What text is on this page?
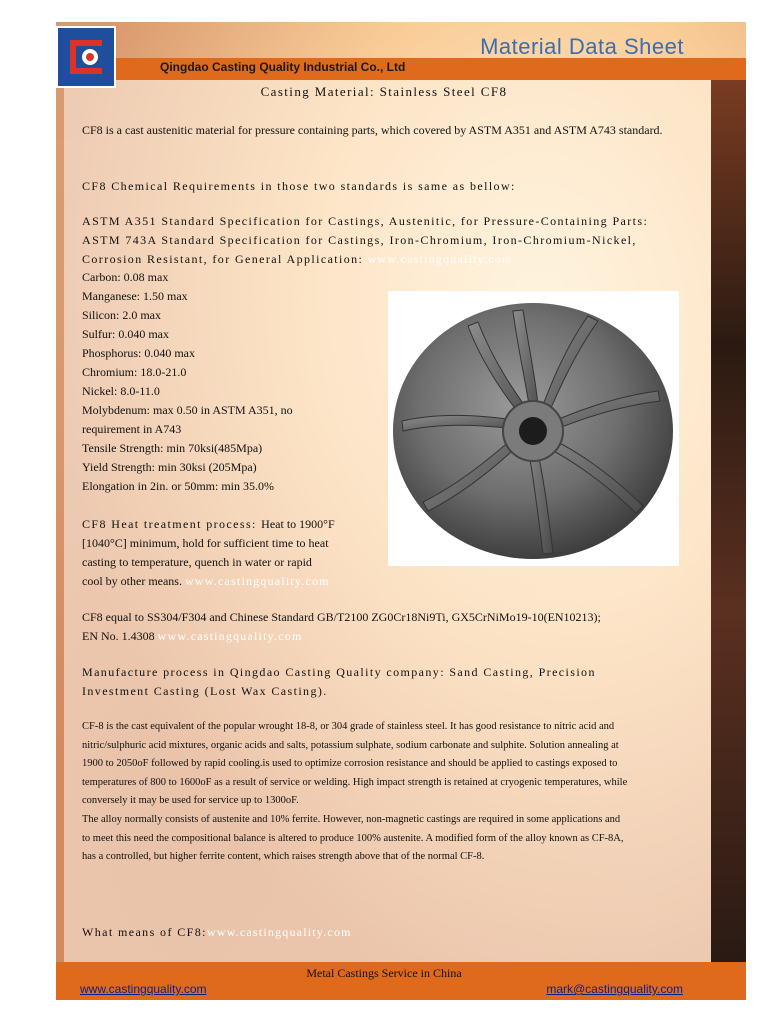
Material Data Sheet
Qingdao Casting Quality Industrial Co., Ltd
Casting Material: Stainless Steel CF8
CF8 is a cast austenitic material for pressure containing parts, which covered by ASTM A351 and ASTM A743 standard.
CF8 Chemical Requirements in those two standards is same as bellow:
ASTM A351 Standard Specification for Castings, Austenitic, for Pressure-Containing Parts:
ASTM 743A Standard Specification for Castings, Iron-Chromium, Iron-Chromium-Nickel,
Corrosion Resistant, for General Application: www.castingquality.com
Carbon: 0.08 max
Manganese: 1.50 max
Silicon: 2.0 max
Sulfur: 0.040 max
Phosphorus: 0.040 max
Chromium: 18.0-21.0
Nickel: 8.0-11.0
Molybdenum: max 0.50 in ASTM A351, no
requirement in A743
Tensile Strength: min 70ksi(485Mpa)
Yield Strength: min 30ksi (205Mpa)
Elongation in 2in. or 50mm: min 35.0%
CF8 Heat treatment process: Heat to 1900°F
[1040°C] minimum, hold for sufficient time to heat
casting to temperature, quench in water or rapid
cool by other means. www.castingquality.com
CF8 equal to SS304/F304 and Chinese Standard GB/T2100 ZG0Cr18Ni9Ti, GX5CrNiMo19-10(EN10213);
EN No. 1.4308 www.castingquality.com
Manufacture process in Qingdao Casting Quality company: Sand Casting, Precision
Investment Casting (Lost Wax Casting).
CF-8 is the cast equivalent of the popular wrought 18-8, or 304 grade of stainless steel. It has good resistance to nitric acid and
nitric/sulphuric acid mixtures, organic acids and salts, potassium sulphate, sodium carbonate and sulphite. Solution annealing at
1900 to 2050oF followed by rapid cooling.is used to optimize corrosion resistance and should be applied to castings exposed to
temperatures of 800 to 1600oF as a result of service or welding. High impact strength is retained at cryogenic temperatures, while
conversely it may be used for service up to 1300oF.
The alloy normally consists of austenite and 10% ferrite. However, non-magnetic castings are required in some applications and
to meet this need the compositional balance is altered to produce 100% austenite. A modified form of the alloy known as CF-8A,
has a controlled, but higher ferrite content, which raises strength above that of the normal CF-8.
What means of CF8:www.castingquality.com
Metal Castings Service in China
www.castingquality.com	mark@castingquality.com
